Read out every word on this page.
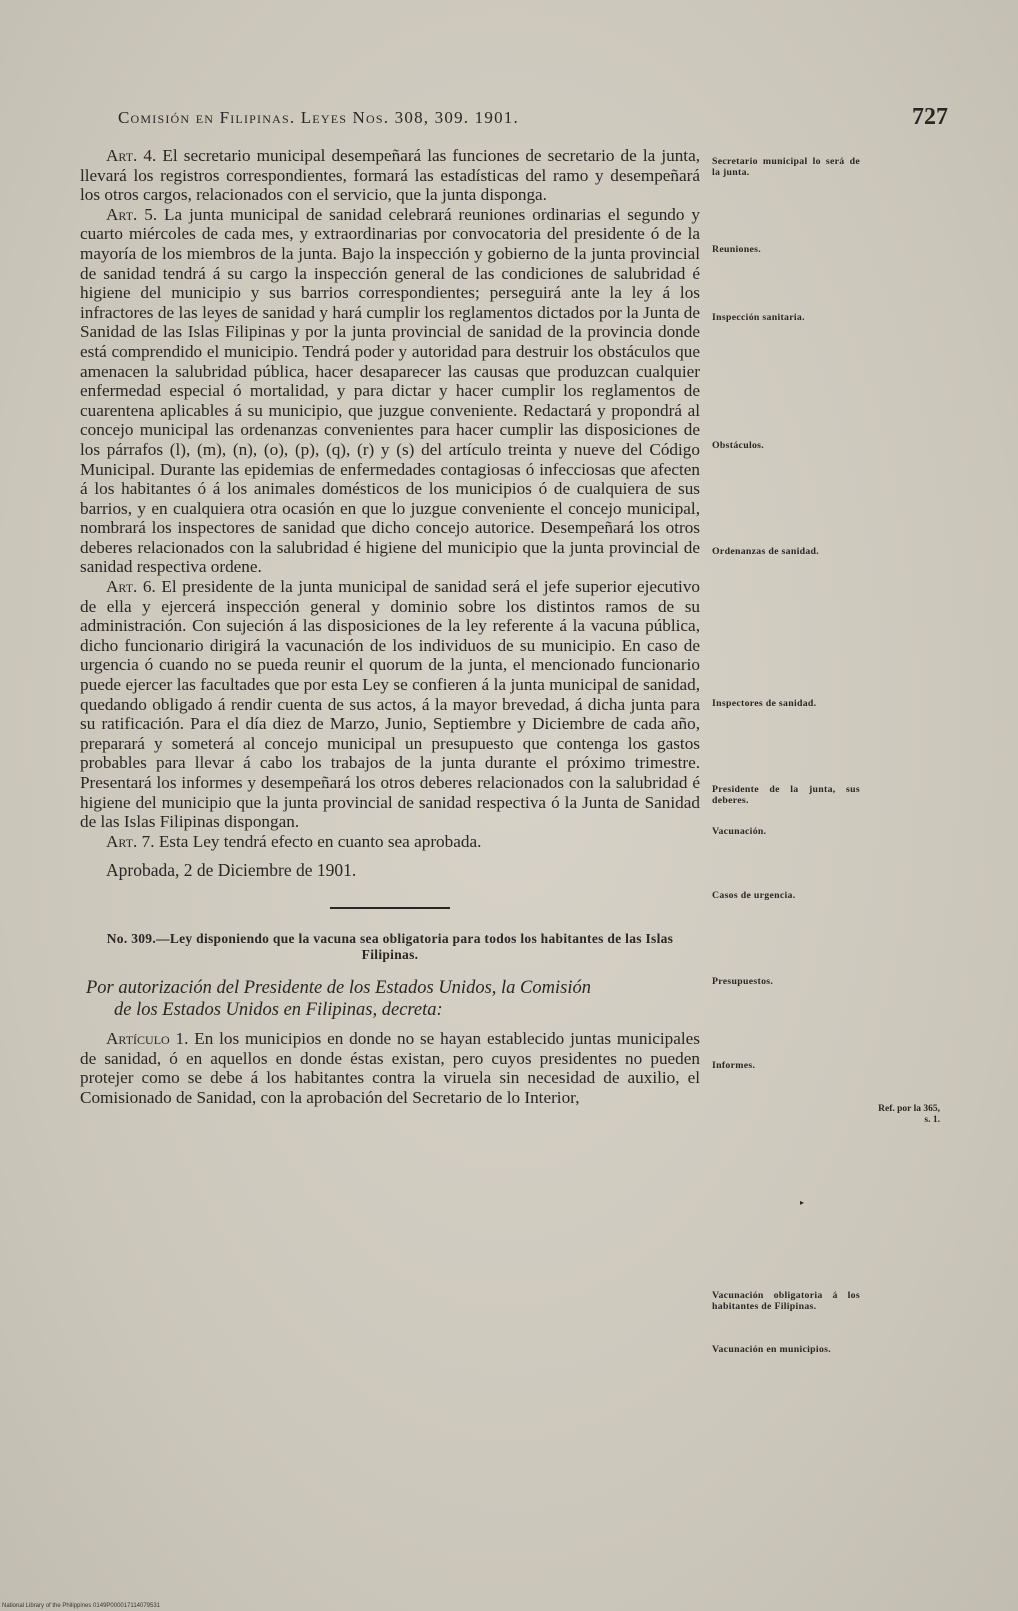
Comisión en Filipinas. Leyes Nos. 308, 309. 1901.	727

Art. 4. El secretario municipal desempeñará las funciones de secretario de la junta, llevará los registros correspondientes, formará las estadísticas del ramo y desempeñará los otros cargos, relacionados con el servicio, que la junta disponga.

Art. 5. La junta municipal de sanidad celebrará reuniones ordinarias el segundo y cuarto miércoles de cada mes, y extraordinarias por convocatoria del presidente ó de la mayoría de los miembros de la junta. Bajo la inspección y gobierno de la junta provincial de sanidad tendrá á su cargo la inspección general de las condiciones de salubridad é higiene del municipio y sus barrios correspondientes; perseguirá ante la ley á los infractores de las leyes de sanidad y hará cumplir los reglamentos dictados por la Junta de Sanidad de las Islas Filipinas y por la junta provincial de sanidad de la provincia donde está comprendido el municipio. Tendrá poder y autoridad para destruir los obstáculos que amenacen la salubridad pública, hacer desaparecer las causas que produzcan cualquier enfermedad especial ó mortalidad, y para dictar y hacer cumplir los reglamentos de cuarentena aplicables á su municipio, que juzgue conveniente. Redactará y propondrá al concejo municipal las ordenanzas convenientes para hacer cumplir las disposiciones de los párrafos (l), (m), (n), (o), (p), (q), (r) y (s) del artículo treinta y nueve del Código Municipal. Durante las epidemias de enfermedades contagiosas ó infecciosas que afecten á los habitantes ó á los animales domésticos de los municipios ó de cualquiera de sus barrios, y en cualquiera otra ocasión en que lo juzgue conveniente el concejo municipal, nombrará los inspectores de sanidad que dicho concejo autorice. Desempeñará los otros deberes relacionados con la salubridad é higiene del municipio que la junta provincial de sanidad respectiva ordene.

Art. 6. El presidente de la junta municipal de sanidad será el jefe superior ejecutivo de ella y ejercerá inspección general y dominio sobre los distintos ramos de su administración. Con sujeción á las disposiciones de la ley referente á la vacuna pública, dicho funcionario dirigirá la vacunación de los individuos de su municipio. En caso de urgencia ó cuando no se pueda reunir el quorum de la junta, el mencionado funcionario puede ejercer las facultades que por esta Ley se confieren á la junta municipal de sanidad, quedando obligado á rendir cuenta de sus actos, á la mayor brevedad, á dicha junta para su ratificación. Para el día diez de Marzo, Junio, Septiembre y Diciembre de cada año, preparará y someterá al concejo municipal un presupuesto que contenga los gastos probables para llevar á cabo los trabajos de la junta durante el próximo trimestre. Presentará los informes y desempeñará los otros deberes relacionados con la salubridad é higiene del municipio que la junta provincial de sanidad respectiva ó la Junta de Sanidad de las Islas Filipinas dispongan.

Art. 7. Esta Ley tendrá efecto en cuanto sea aprobada.

Aprobada, 2 de Diciembre de 1901.

No. 309.—Ley disponiendo que la vacuna sea obligatoria para todos los habitantes de las Islas Filipinas.

Por autorización del Presidente de los Estados Unidos, la Comisión
de los Estados Unidos en Filipinas, decreta:

Artículo 1. En los municipios en donde no se hayan establecido juntas municipales de sanidad, ó en aquellos en donde éstas existan, pero cuyos presidentes no pueden protejer como se debe á los habitantes contra la viruela sin necesidad de auxilio, el Comisionado de Sanidad, con la aprobación del Secretario de lo Interior,

Secretario municipal lo será de la junta.
Reuniones.
Inspección sanitaria.
Obstáculos.
Ordenanzas de sanidad.
Inspectores de sanidad.
Presidente de la junta, sus deberes.
Vacunación.
Casos de urgencia.
Presupuestos.
Informes.
Vacunación obligatoria á los habitantes de Filipinas.
Vacunación en municipios.
Ref. por la 365, s. 1.
▸
National Library of the Philippines 0149P000017114079531
